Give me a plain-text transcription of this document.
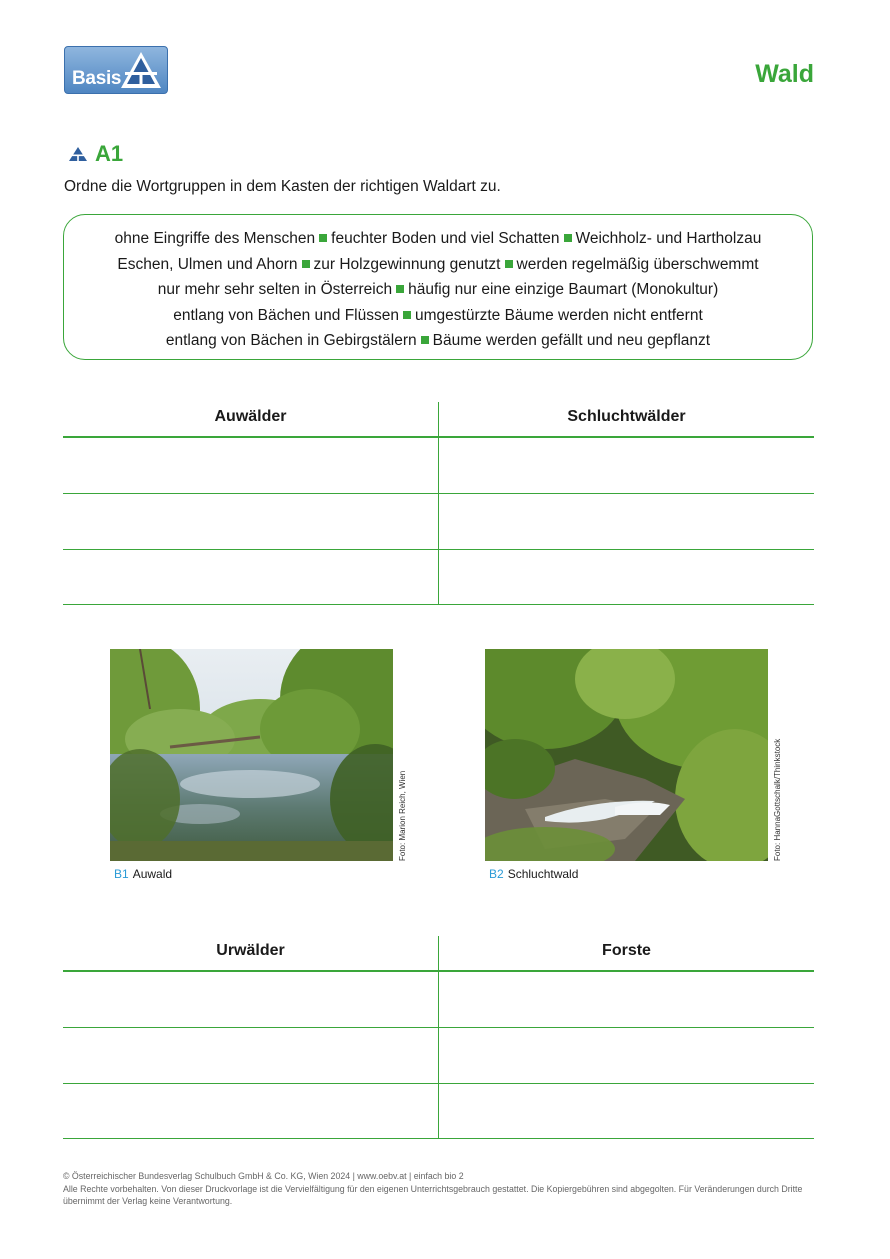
Basis	Wald
A1
Ordne die Wortgruppen in dem Kasten der richtigen Waldart zu.
ohne Eingriffe des Menschen feuchter Boden und viel Schatten Weichholz- und Hartholzau
Eschen, Ulmen und Ahorn zur Holzgewinnung genutzt werden regelmäßig überschwemmt
nur mehr sehr selten in Österreich häufig nur eine einzige Baumart (Monokultur)
entlang von Bächen und Flüssen umgestürzte Bäume werden nicht entfernt
entlang von Bächen in Gebirgstälern Bäume werden gefällt und neu gepflanzt
Auwälder	Schluchtwälder
Foto: Marion Reich, Wien
B1 Auwald
Foto: HannaGottschalk/Thinkstock
B2 Schluchtwald
Urwälder	Forste
© Österreichischer Bundesverlag Schulbuch GmbH & Co. KG, Wien 2024 | www.oebv.at | einfach bio 2
Alle Rechte vorbehalten. Von dieser Druckvorlage ist die Vervielfältigung für den eigenen Unterrichtsgebrauch gestattet. Die Kopiergebühren sind abgegolten. Für Veränderungen durch Dritte übernimmt der Verlag keine Verantwortung.
